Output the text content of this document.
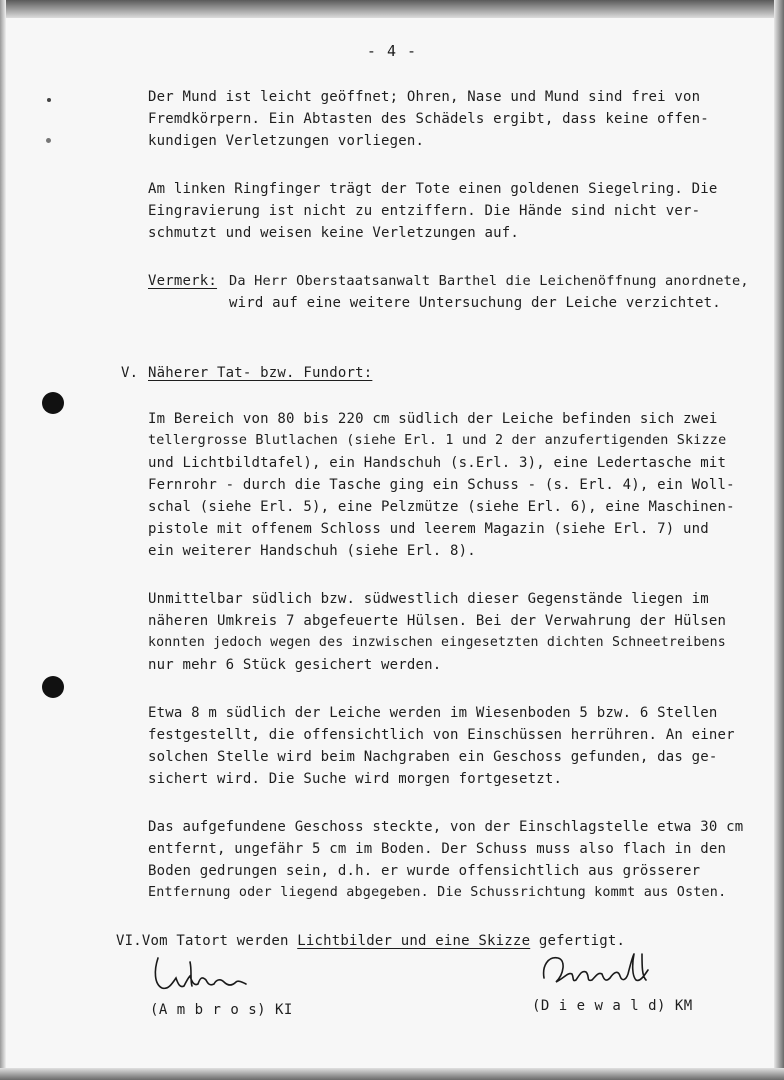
- 4 -
Der Mund ist leicht geöffnet; Ohren, Nase und Mund sind frei von
Fremdkörpern. Ein Abtasten des Schädels ergibt, dass keine offen-
kundigen Verletzungen vorliegen.
Am linken Ringfinger trägt der Tote einen goldenen Siegelring. Die
Eingravierung ist nicht zu entziffern. Die Hände sind nicht ver-
schmutzt und weisen keine Verletzungen auf.
Vermerk: Da Herr Oberstaatsanwalt Barthel die Leichenöffnung anordnete,
wird auf eine weitere Untersuchung der Leiche verzichtet.
V. Näherer Tat- bzw. Fundort:
Im Bereich von 80 bis 220 cm südlich der Leiche befinden sich zwei
tellergrosse Blutlachen (siehe Erl. 1 und 2 der anzufertigenden Skizze
und Lichtbildtafel), ein Handschuh (s.Erl. 3), eine Ledertasche mit
Fernrohr - durch die Tasche ging ein Schuss - (s. Erl. 4), ein Woll-
schal (siehe Erl. 5), eine Pelzmütze (siehe Erl. 6), eine Maschinen-
pistole mit offenem Schloss und leerem Magazin (siehe Erl. 7) und
ein weiterer Handschuh (siehe Erl. 8).
Unmittelbar südlich bzw. südwestlich dieser Gegenstände liegen im
näheren Umkreis 7 abgefeuerte Hülsen. Bei der Verwahrung der Hülsen
konnten jedoch wegen des inzwischen eingesetzten dichten Schneetreibens
nur mehr 6 Stück gesichert werden.
Etwa 8 m südlich der Leiche werden im Wiesenboden 5 bzw. 6 Stellen
festgestellt, die offensichtlich von Einschüssen herrühren. An einer
solchen Stelle wird beim Nachgraben ein Geschoss gefunden, das ge-
sichert wird. Die Suche wird morgen fortgesetzt.
Das aufgefundene Geschoss steckte, von der Einschlagstelle etwa 30 cm
entfernt, ungefähr 5 cm im Boden. Der Schuss muss also flach in den
Boden gedrungen sein, d.h. er wurde offensichtlich aus grösserer
Entfernung oder liegend abgegeben. Die Schussrichtung kommt aus Osten.
VI.Vom Tatort werden Lichtbilder und eine Skizze gefertigt.
(A m b r o s) KI	(D i e w a l d) KM
